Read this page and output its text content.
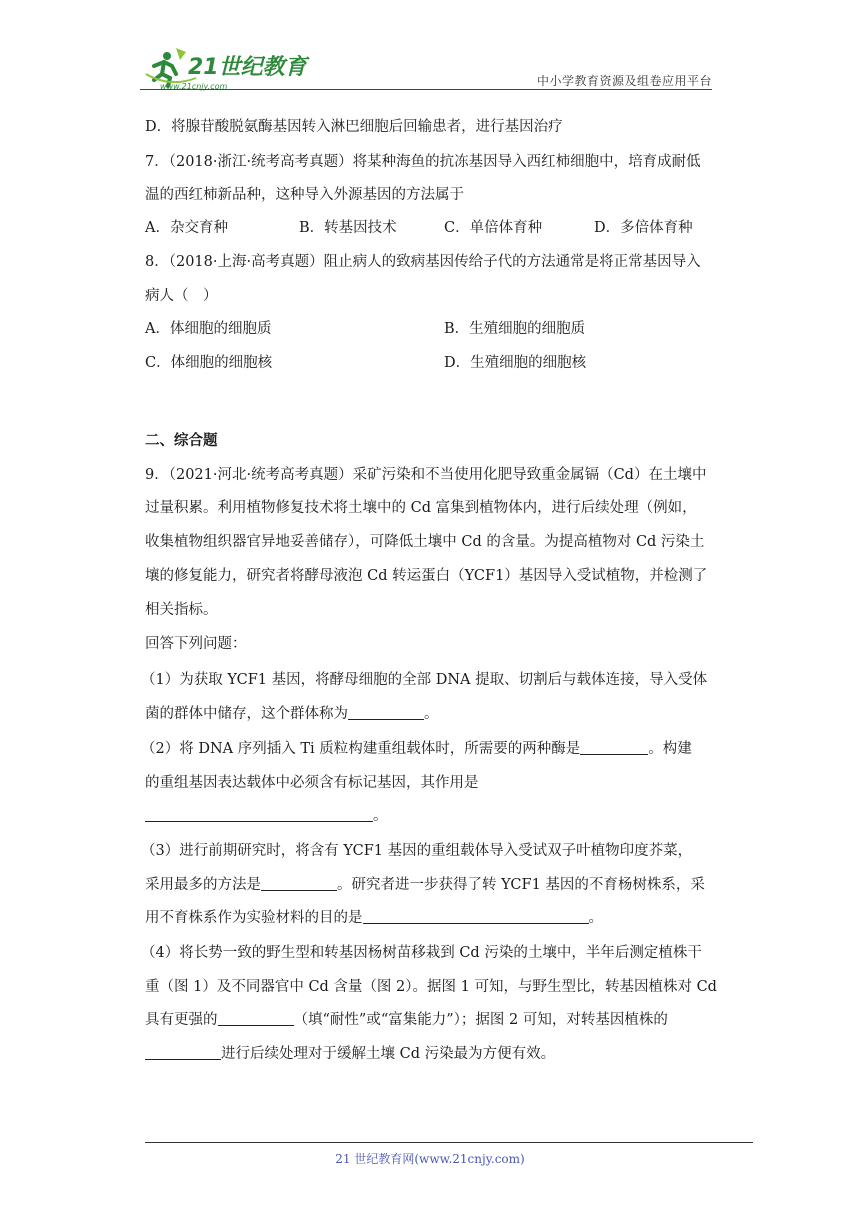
21世纪教育
www.21cnjy.com	中小学教育资源及组卷应用平台
D．将腺苷酸脱氨酶基因转入淋巴细胞后回输患者，进行基因治疗
7．（2018·浙江·统考高考真题）将某种海鱼的抗冻基因导入西红柿细胞中，培育成耐低
温的西红柿新品种，这种导入外源基因的方法属于
A．杂交育种	B．转基因技术	C．单倍体育种	D．多倍体育种
8．（2018·上海·高考真题）阻止病人的致病基因传给子代的方法通常是将正常基因导入
病人（　）
A．体细胞的细胞质	B．生殖细胞的细胞质
C．体细胞的细胞核	D．生殖细胞的细胞核
二、综合题
9．（2021·河北·统考高考真题）采矿污染和不当使用化肥导致重金属镉（Cd）在土壤中
过量积累。利用植物修复技术将土壤中的 Cd 富集到植物体内，进行后续处理（例如，
收集植物组织器官异地妥善储存），可降低土壤中 Cd 的含量。为提高植物对 Cd 污染土
壤的修复能力，研究者将酵母液泡 Cd 转运蛋白（YCF1）基因导入受试植物，并检测了
相关指标。
回答下列问题：
（1）为获取 YCF1 基因，将酵母细胞的全部 DNA 提取、切割后与载体连接，导入受体
菌的群体中储存，这个群体称为	。
（2）将 DNA 序列插入 Ti 质粒构建重组载体时，所需要的两种酶是	。构建
的重组基因表达载体中必须含有标记基因，其作用是
。
（3）进行前期研究时，将含有 YCF1 基因的重组载体导入受试双子叶植物印度芥菜，
采用最多的方法是	。研究者进一步获得了转 YCF1 基因的不育杨树株系，采
用不育株系作为实验材料的目的是	。
（4）将长势一致的野生型和转基因杨树苗移栽到 Cd 污染的土壤中，半年后测定植株干
重（图 1）及不同器官中 Cd 含量（图 2）。据图 1 可知，与野生型比，转基因植株对 Cd
具有更强的	（填“耐性”或“富集能力”）；据图 2 可知，对转基因植株的
进行后续处理对于缓解土壤 Cd 污染最为方便有效。
21 世纪教育网(www.21cnjy.com)
